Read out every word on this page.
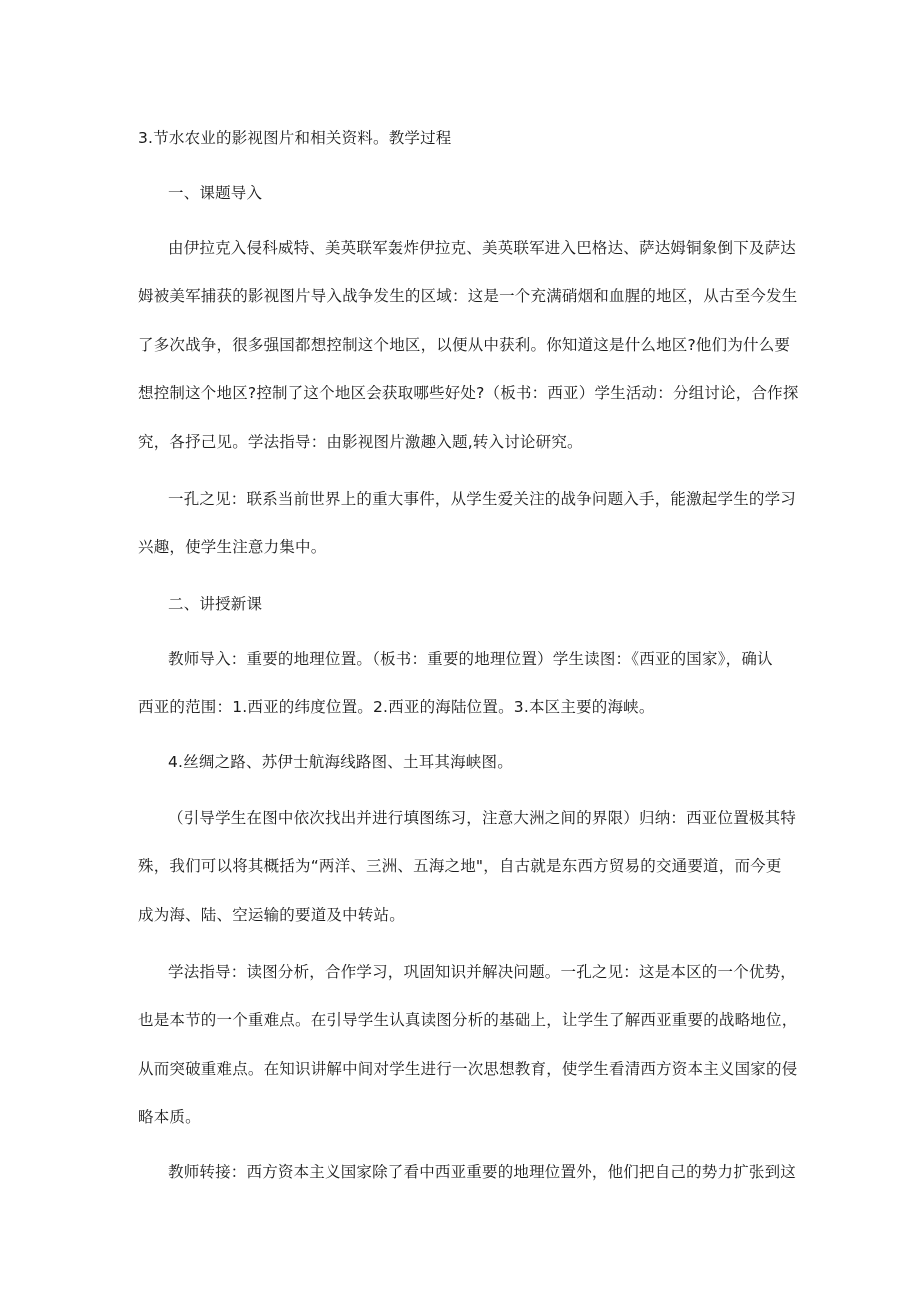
3.节水农业的影视图片和相关资料。教学过程
一、课题导入
由伊拉克入侵科威特、美英联军轰炸伊拉克、美英联军进入巴格达、萨达姆铜象倒下及萨达
姆被美军捕获的影视图片导入战争发生的区域：这是一个充满硝烟和血腥的地区，从古至今发生
了多次战争，很多强国都想控制这个地区，以便从中获利。你知道这是什么地区?他们为什么要
想控制这个地区?控制了这个地区会获取哪些好处?（板书：西亚）学生活动：分组讨论，合作探
究，各抒己见。学法指导：由影视图片激趣入题,转入讨论研究。
一孔之见：联系当前世界上的重大事件，从学生爱关注的战争问题入手，能激起学生的学习
兴趣，使学生注意力集中。
二、讲授新课
教师导入：重要的地理位置。（板书：重要的地理位置）学生读图：《西亚的国家》，确认
西亚的范围：1.西亚的纬度位置。2.西亚的海陆位置。3.本区主要的海峡。
4.丝绸之路、苏伊士航海线路图、土耳其海峡图。
（引导学生在图中依次找出并进行填图练习，注意大洲之间的界限）归纳：西亚位置极其特
殊，我们可以将其概括为“两洋、三洲、五海之地"，自古就是东西方贸易的交通要道，而今更
成为海、陆、空运输的要道及中转站。
学法指导：读图分析，合作学习，巩固知识并解决问题。一孔之见：这是本区的一个优势，
也是本节的一个重难点。在引导学生认真读图分析的基础上，让学生了解西亚重要的战略地位，
从而突破重难点。在知识讲解中间对学生进行一次思想教育，使学生看清西方资本主义国家的侵
略本质。
教师转接：西方资本主义国家除了看中西亚重要的地理位置外，他们把自己的势力扩张到这
